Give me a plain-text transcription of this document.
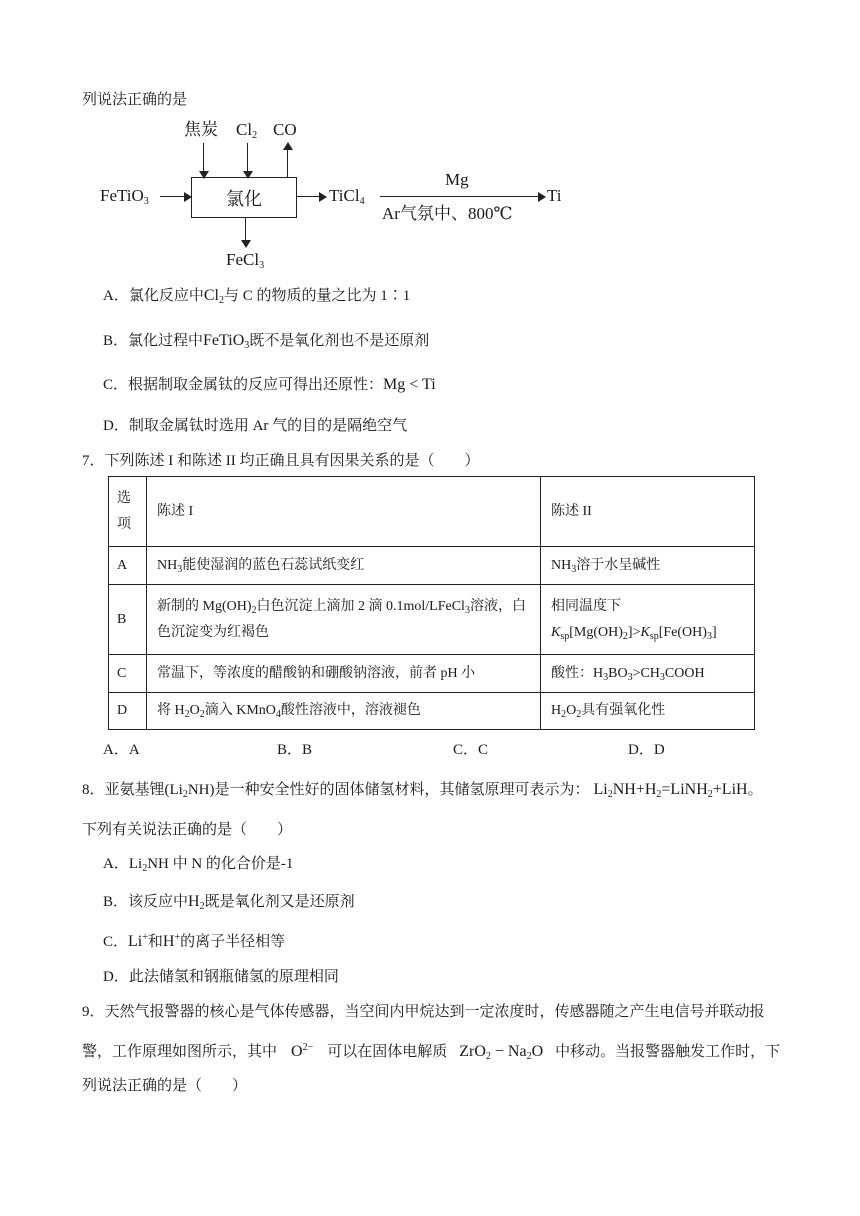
列说法正确的是
焦炭 $Cl_2$ CO
FeTiO$_3$	氯化	TiCl$_4$
Mg
Ar气氛中、800℃
Ti
FeCl$_3$
A．氯化反应中$Cl_2$与 C 的物质的量之比为 1∶1
B．氯化过程中FeTiO$_3$既不是氧化剂也不是还原剂
C．根据制取金属钛的反应可得出还原性：Mg < Ti
D．制取金属钛时选用 Ar 气的目的是隔绝空气
7．下列陈述 I 和陈述 II 均正确且具有因果关系的是（　　）
选
项	陈述 I	陈述 II
A	$NH_3$能使湿润的蓝色石蕊试纸变红	$NH_3$溶于水呈碱性
B	新制的 $Mg(OH)_2$白色沉淀上滴加 2 滴 0.1mol/LFeCl$_3$溶液，白色沉淀变为红褐色	相同温度下
$K_{sp}[Mg(OH)_2]>K_{sp}[Fe(OH)_3]$
C	常温下，等浓度的醋酸钠和硼酸钠溶液，前者 pH 小	酸性：$H_3BO_3>CH_3COOH$
D	将 $H_2O_2$滴入 KMnO$_4$酸性溶液中，溶液褪色	$H_2O_2$具有强氧化性
A．A	B．B	C．C	D．D
8．亚氨基锂$(Li_2NH)$是一种安全性好的固体储氢材料，其储氢原理可表示为： $Li_2NH+H_2=LiNH_2+LiH$。
下列有关说法正确的是（　　）
A．$Li_2NH$ 中 N 的化合价是-1
B．该反应中$H_2$既是氧化剂又是还原剂
C．Li+和H+的离子半径相等
D．此法储氢和钢瓶储氢的原理相同
9．天然气报警器的核心是气体传感器，当空间内甲烷达到一定浓度时，传感器随之产生电信号并联动报
警，工作原理如图所示，其中 $O^{2-}$ 可以在固体电解质 $ZrO_2 - Na_2O$ 中移动。当报警器触发工作时，下
列说法正确的是（　　）
